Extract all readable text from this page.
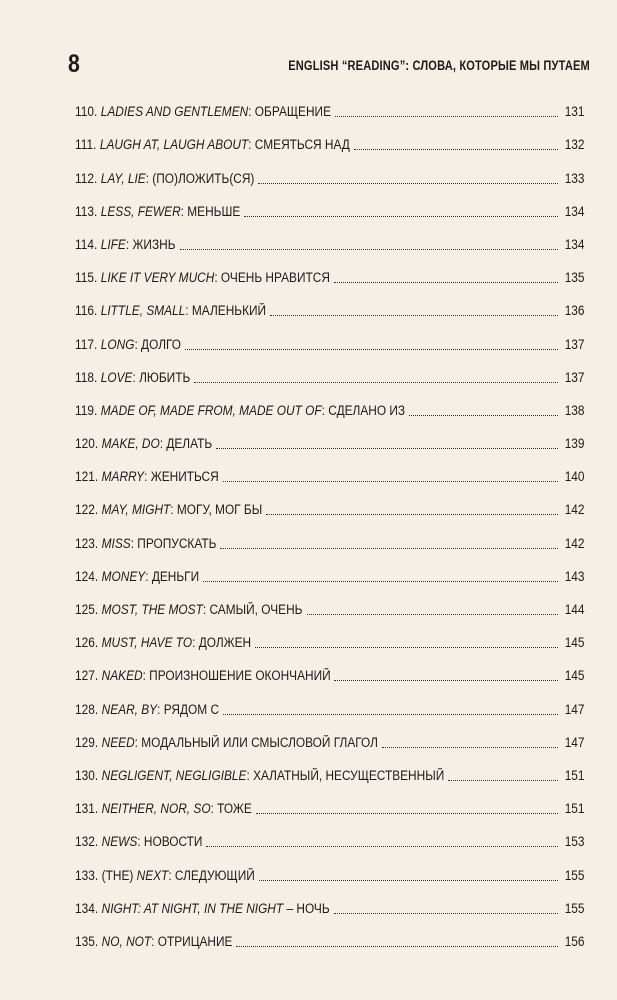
8	ENGLISH “READING”: СЛОВА, КОТОРЫЕ МЫ ПУТАЕМ
110. LADIES AND GENTLEMEN: ОБРАЩЕНИЕ	131
111. LAUGH AT, LAUGH ABOUT: СМЕЯТЬСЯ НАД	132
112. LAY, LIE: (ПО)ЛОЖИТЬ(СЯ)	133
113. LESS, FEWER: МЕНЬШЕ	134
114. LIFE: ЖИЗНЬ	134
115. LIKE IT VERY MUCH: ОЧЕНЬ НРАВИТСЯ	135
116. LITTLE, SMALL: МАЛЕНЬКИЙ	136
117. LONG: ДОЛГО	137
118. LOVE: ЛЮБИТЬ	137
119. MADE OF, MADE FROM, MADE OUT OF: СДЕЛАНО ИЗ	138
120. MAKE, DO: ДЕЛАТЬ	139
121. MARRY: ЖЕНИТЬСЯ	140
122. MAY, MIGHT: МОГУ, МОГ БЫ	142
123. MISS: ПРОПУСКАТЬ	142
124. MONEY: ДЕНЬГИ	143
125. MOST, THE MOST: САМЫЙ, ОЧЕНЬ	144
126. MUST, HAVE TO: ДОЛЖЕН	145
127. NAKED: ПРОИЗНОШЕНИЕ ОКОНЧАНИЙ	145
128. NEAR, BY: РЯДОМ С	147
129. NEED: МОДАЛЬНЫЙ ИЛИ СМЫСЛОВОЙ ГЛАГОЛ	147
130. NEGLIGENT, NEGLIGIBLE: ХАЛАТНЫЙ, НЕСУЩЕСТВЕННЫЙ	151
131. NEITHER, NOR, SO: ТОЖЕ	151
132. NEWS: НОВОСТИ	153
133. (THE) NEXT: СЛЕДУЮЩИЙ	155
134. NIGHT: AT NIGHT, IN THE NIGHT – НОЧЬ	155
135. NO, NOT: ОТРИЦАНИЕ	156
